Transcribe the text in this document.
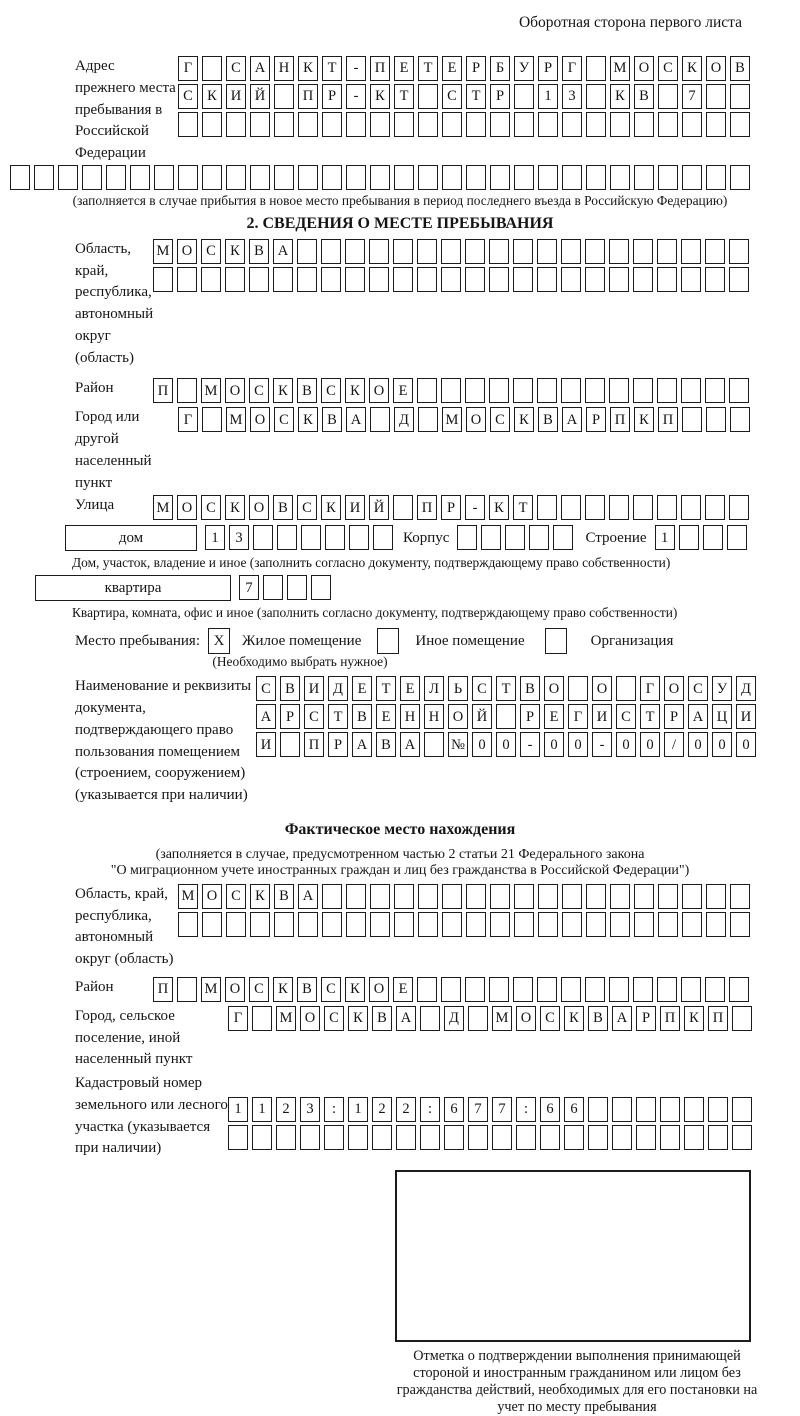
Оборотная сторона первого листа
Адрес прежнего места пребывания в Российской Федерации
Г	С А Н К	Т	-	П Е	Т	Е	Р	Б	У	Р	Г	М О С К О В
С К И Й	П	Р	-	К	Т	С	Т	Р	1	3	К В	7
(заполняется в случае прибытия в новое место пребывания в период последнего въезда в Российскую Федерацию)
2. СВЕДЕНИЯ О МЕСТЕ ПРЕБЫВАНИЯ
Область, край, республика, автономный округ (область)
М О С К В А
Район	П	М О С К В С К О Е
Город или другой населенный пункт
Г	М О С К В А	Д	М О С К В А	Р	П К П
Улица	М О С К О В С К И Й	П	Р	-	К	Т
дом	1	3	Корпус	Строение 1
Дом, участок, владение и иное (заполнить согласно документу, подтверждающему право собственности)
квартира	7
Квартира, комната, офис и иное (заполнить согласно документу, подтверждающему право собственности)
Место пребывания: X	Жилое помещение	Иное помещение	Организация
(Необходимо выбрать нужное)
Наименование и реквизиты документа, подтверждающего право пользования помещением (строением, сооружением) (указывается при наличии)
С В И Д	Е	Т	Е	Л	Ь	С	Т	В О	О	Г	О С У Д
А	Р	С	Т	В	Е Н Н О Й	Р	Е	Г	И С	Т	Р	А Ц И
И	П	Р	А В А	№ 0	0	-	0	0	-	0	0	/	0	0	0
Фактическое место нахождения
(заполняется в случае, предусмотренном частью 2 статьи 21 Федерального закона
"О миграционном учете иностранных граждан и лиц без гражданства в Российской Федерации")
Область, край, республика, автономный округ (область)
М О С К В А
Район	П	М О С К В С К О Е
Город, сельское поселение, иной населенный пункт
Г	М О С К В А	Д	М О С К В А	Р	П К П
Кадастровый номер земельного или лесного участка (указывается при наличии)
1	1	2	3	:	1	2	2	:	6	7	7	:	6	6
Отметка о подтверждении выполнения принимающей стороной и иностранным гражданином или лицом без гражданства действий, необходимых для его постановки на учет по месту пребывания
